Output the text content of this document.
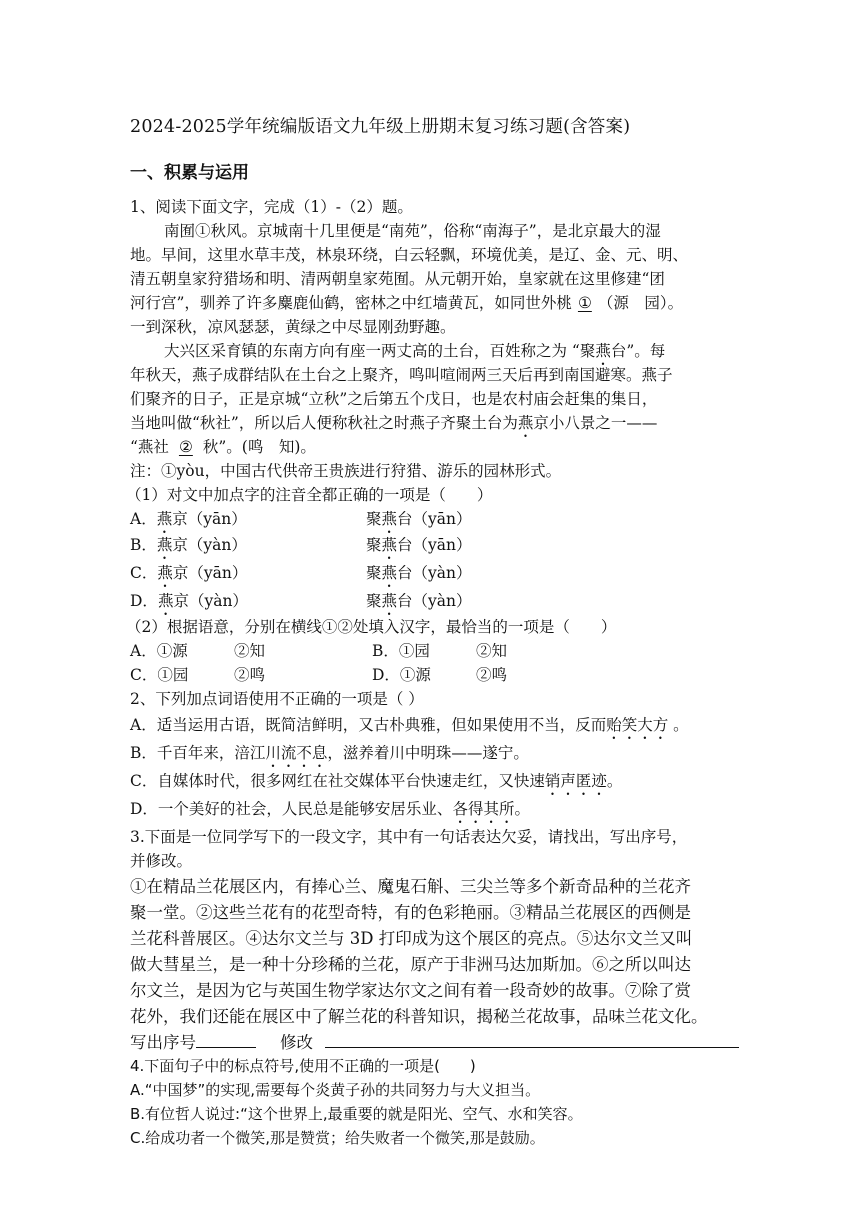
2024-2025学年统编版语文九年级上册期末复习练习题(含答案)
一、积累与运用
1、阅读下面文字，完成（1）-（2）题。
南囿①秋风。京城南十几里便是“南苑”，俗称“南海子”，是北京最大的湿
地。早间，这里水草丰茂，林泉环绕，白云轻飘，环境优美，是辽、金、元、明、
清五朝皇家狩猎场和明、清两朝皇家苑囿。从元朝开始，皇家就在这里修建“团
河行宫”，驯养了许多麋鹿仙鹤，密林之中红墙黄瓦，如同世外桃 ① （源　园）。
一到深秋，凉风瑟瑟，黄绿之中尽显刚劲野趣。
大兴区采育镇的东南方向有座一两丈高的土台，百姓称之为 “聚燕台”。每
年秋天，燕子成群结队在土台之上聚齐，鸣叫喧闹两三天后再到南国避寒。燕子
们聚齐的日子，正是京城“立秋”之后第五个戊日，也是农村庙会赶集的集日，
当地叫做“秋社”，所以后人便称秋社之时燕子齐聚土台为燕京小八景之一——
“燕社 ② 秋”。(鸣　知)。
注：①yòu，中国古代供帝王贵族进行狩猎、游乐的园林形式。
（1）对文中加点字的注音全都正确的一项是（　　）
A．燕京（yān）	聚燕台（yān）
B．燕京（yàn）	聚燕台（yān）
C．燕京（yān）	聚燕台（yàn）
D．燕京（yàn）	聚燕台（yàn）
（2）根据语意，分别在横线①②处填入汉字，最恰当的一项是（　　）
A．①源	②知	B．①园	②知
C．①园	②鸣	D．①源	②鸣
2、下列加点词语使用不正确的一项是（ ）
A．适当运用古语，既简洁鲜明，又古朴典雅，但如果使用不当，反而贻笑大方 。
B．千百年来，涪江川流不息，滋养着川中明珠——遂宁。
C．自媒体时代，很多网红在社交媒体平台快速走红，又快速销声匿迹。
D．一个美好的社会，人民总是能够安居乐业、各得其所。
3.下面是一位同学写下的一段文字，其中有一句话表达欠妥，请找出，写出序号，
并修改。
①在精品兰花展区内，有捧心兰、魔鬼石斛、三尖兰等多个新奇品种的兰花齐
聚一堂。②这些兰花有的花型奇特，有的色彩艳丽。③精品兰花展区的西侧是
兰花科普展区。④达尔文兰与 3D 打印成为这个展区的亮点。⑤达尔文兰又叫
做大彗星兰，是一种十分珍稀的兰花，原产于非洲马达加斯加。⑥之所以叫达
尔文兰，是因为它与英国生物学家达尔文之间有着一段奇妙的故事。⑦除了赏
花外，我们还能在展区中了解兰花的科普知识，揭秘兰花故事，品味兰花文化。
写出序号	修改
4.下面句子中的标点符号,使用不正确的一项是(　　)
A.“中国梦”的实现,需要每个炎黄子孙的共同努力与大义担当。
B.有位哲人说过:“这个世界上,最重要的就是阳光、空气、水和笑容。
C.给成功者一个微笑,那是赞赏；给失败者一个微笑,那是鼓励。
